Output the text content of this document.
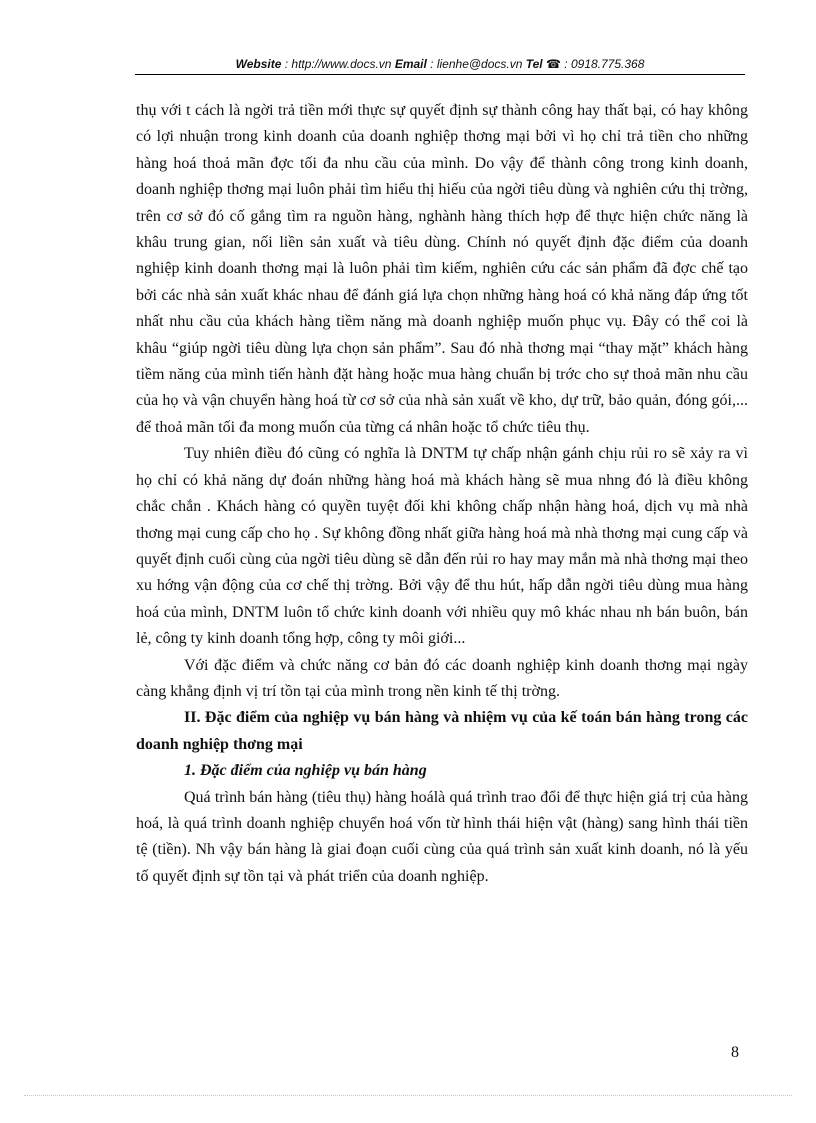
Website : http://www.docs.vn Email : lienhe@docs.vn Tel ☎ : 0918.775.368

thụ với t cách là ngời trả tiền mới thực sự quyết định sự thành công hay thất bại, có hay không có lợi nhuận trong kinh doanh của doanh nghiệp thơng mại bởi vì họ chỉ trả tiền cho những hàng hoá thoả mãn đợc tối đa nhu cầu của mình. Do vậy để thành công trong kinh doanh, doanh nghiệp thơng mại luôn phải tìm hiểu thị hiếu của ngời tiêu dùng và nghiên cứu thị trờng, trên cơ sở đó cố gắng tìm ra nguồn hàng, nghành hàng thích hợp để thực hiện chức năng là khâu trung gian, nối liền sản xuất và tiêu dùng. Chính nó quyết định đặc điểm của doanh nghiệp kinh doanh thơng mại là luôn phải tìm kiếm, nghiên cứu các sản phẩm đã đợc chế tạo bởi các nhà sản xuất khác nhau để đánh giá lựa chọn những hàng hoá có khả năng đáp ứng tốt nhất nhu cầu của khách hàng tiềm năng mà doanh nghiệp muốn phục vụ. Đây có thể coi là khâu “giúp ngời tiêu dùng lựa chọn sản phẩm”. Sau đó nhà thơng mại “thay mặt” khách hàng tiềm năng của mình tiến hành đặt hàng hoặc mua hàng chuẩn bị trớc cho sự thoả mãn nhu cầu của họ và vận chuyển hàng hoá từ cơ sở của nhà sản xuất về kho, dự trữ, bảo quản, đóng gói,... để thoả mãn tối đa mong muốn của từng cá nhân hoặc tổ chức tiêu thụ.

Tuy nhiên điều đó cũng có nghĩa là DNTM tự chấp nhận gánh chịu rủi ro sẽ xảy ra vì họ chỉ có khả năng dự đoán những hàng hoá mà khách hàng sẽ mua nhng đó là điều không chắc chắn . Khách hàng có quyền tuyệt đối khi không chấp nhận hàng hoá, dịch vụ mà nhà thơng mại cung cấp cho họ . Sự không đồng nhất giữa hàng hoá mà nhà thơng mại cung cấp và quyết định cuối cùng của ngời tiêu dùng sẽ dẫn đến rủi ro hay may mắn mà nhà thơng mại theo xu hớng vận động của cơ chế thị trờng. Bởi vậy để thu hút, hấp dẫn ngời tiêu dùng mua hàng hoá của mình, DNTM luôn tổ chức kinh doanh với nhiều quy mô khác nhau nh bán buôn, bán lẻ, công ty kinh doanh tổng hợp, công ty môi giới...

Với đặc điểm và chức năng cơ bản đó các doanh nghiệp kinh doanh thơng mại ngày càng khẳng định vị trí tồn tại của mình trong nền kinh tế thị trờng.

II. Đặc điểm của nghiệp vụ bán hàng và nhiệm vụ của kế toán bán hàng trong các doanh nghiệp thơng mại

1. Đặc điểm của nghiệp vụ bán hàng

Quá trình bán hàng (tiêu thụ) hàng hoálà quá trình trao đổi để thực hiện giá trị của hàng hoá, là quá trình doanh nghiệp chuyển hoá vốn từ hình thái hiện vật (hàng) sang hình thái tiền tệ (tiền). Nh vậy bán hàng là giai đoạn cuối cùng của quá trình sản xuất kinh doanh, nó là yếu tố quyết định sự tồn tại và phát triển của doanh nghiệp.

8
